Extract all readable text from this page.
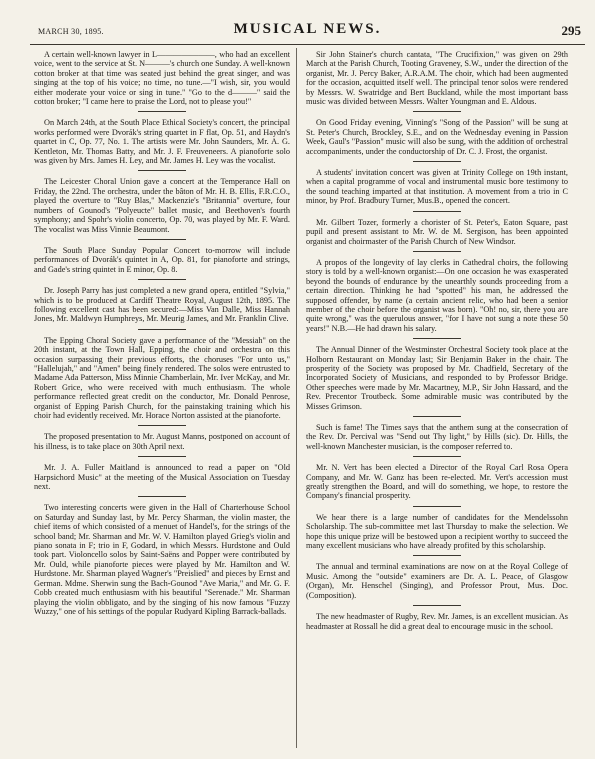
MARCH 30, 1895.	MUSICAL NEWS.	295

A certain well-known lawyer in L———————, who had an excellent voice, went to the service at St. N———'s church one Sunday. A well-known cotton broker at that time was seated just behind the great singer, and was singing at the top of his voice; no time, no tune.—"I wish, sir, you would either moderate your voice or sing in tune." "Go to the d———" said the cotton broker; "I came here to praise the Lord, not to please you!"

On March 24th, at the South Place Ethical Society's concert, the principal works performed were Dvorák's string quartet in F flat, Op. 51, and Haydn's quartet in C, Op. 77, No. 1. The artists were Mr. John Saunders, Mr. A. G. Kentleton, Mr. Thomas Batty, and Mr. J. F. Freuveneers. A pianoforte solo was given by Mrs. James H. Ley, and Mr. James H. Ley was the vocalist.

The Leicester Choral Union gave a concert at the Temperance Hall on Friday, the 22nd. The orchestra, under the bâton of Mr. H. B. Ellis, F.R.C.O., played the overture to "Ruy Blas," Mackenzie's "Britannia" overture, four numbers of Gounod's "Polyeucte" ballet music, and Beethoven's fourth symphony; and Spohr's violin concerto, Op. 70, was played by Mr. F. Ward. The vocalist was Miss Vinnie Beaumont.

The South Place Sunday Popular Concert to-morrow will include performances of Dvorák's quintet in A, Op. 81, for pianoforte and strings, and Gade's string quintet in E minor, Op. 8.

Dr. Joseph Parry has just completed a new grand opera, entitled "Sylvia," which is to be produced at Cardiff Theatre Royal, August 12th, 1895. The following excellent cast has been secured:—Miss Van Dalle, Miss Hannah Jones, Mr. Maldwyn Humphreys, Mr. Meurig James, and Mr. Franklin Clive.

The Epping Choral Society gave a performance of the "Messiah" on the 20th instant, at the Town Hall, Epping, the choir and orchestra on this occasion surpassing their previous efforts, the choruses "For unto us," "Hallelujah," and "Amen" being finely rendered. The solos were entrusted to Madame Ada Patterson, Miss Minnie Chamberlain, Mr. Iver McKay, and Mr. Robert Grice, who were received with much enthusiasm. The whole performance reflected great credit on the conductor, Mr. Donald Penrose, organist of Epping Parish Church, for the painstaking training which his choir had evidently received. Mr. Horace Norton assisted at the pianoforte.

The proposed presentation to Mr. August Manns, postponed on account of his illness, is to take place on 30th April next.

Mr. J. A. Fuller Maitland is announced to read a paper on "Old Harpsichord Music" at the meeting of the Musical Association on Tuesday next.

Two interesting concerts were given in the Hall of Charterhouse School on Saturday and Sunday last, by Mr. Percy Sharman, the violin master, the chief items of which consisted of a menuet of Handel's, for the strings of the school band; Mr. Sharman and Mr. W. V. Hamilton played Grieg's violin and piano sonata in F; trio in F, Godard, in which Messrs. Hurdstone and Ould took part. Violoncello solos by Saint-Saëns and Popper were contributed by Mr. Ould, while pianoforte pieces were played by Mr. Hamilton and W. Hurdstone. Mr. Sharman played Wagner's "Preislied" and pieces by Ernst and German. Mdme. Sherwin sung the Bach-Gounod "Ave Maria," and Mr. G. F. Cobb created much enthusiasm with his beautiful "Serenade." Mr. Sharman playing the violin obbligato, and by the singing of his now famous "Fuzzy Wuzzy," one of his settings of the popular Rudyard Kipling Barrack-ballads.

Sir John Stainer's church cantata, "The Crucifixion," was given on 29th March at the Parish Church, Tooting Graveney, S.W., under the direction of the organist, Mr. J. Percy Baker, A.R.A.M. The choir, which had been augmented for the occasion, acquitted itself well. The principal tenor solos were rendered by Messrs. W. Swatridge and Bert Buckland, while the most important bass music was divided between Messrs. Walter Youngman and E. Aldous.

On Good Friday evening, Vinning's "Song of the Passion" will be sung at St. Peter's Church, Brockley, S.E., and on the Wednesday evening in Passion Week, Gaul's "Passion" music will also be sung, with the addition of orchestral accompaniments, under the conductorship of Dr. C. J. Frost, the organist.

A students' invitation concert was given at Trinity College on 19th instant, when a capital programme of vocal and instrumental music bore testimony to the sound teaching imparted at that institution. A movement from a trio in C minor, by Prof. Bradbury Turner, Mus.B., opened the concert.

Mr. Gilbert Tozer, formerly a chorister of St. Peter's, Eaton Square, past pupil and present assistant to Mr. W. de M. Sergison, has been appointed organist and choirmaster of the Parish Church of New Windsor.

A propos of the longevity of lay clerks in Cathedral choirs, the following story is told by a well-known organist:—On one occasion he was exasperated beyond the bounds of endurance by the unearthly sounds proceeding from a certain direction. Thinking he had "spotted" his man, he addressed the supposed offender, by name (a certain ancient relic, who had been a senior member of the choir before the organist was born). "Oh! no, sir, there you are quite wrong," was the querulous answer, "for I have not sung a note these 50 years!" N.B.—He had drawn his salary.

The Annual Dinner of the Westminster Orchestral Society took place at the Holborn Restaurant on Monday last; Sir Benjamin Baker in the chair. The prosperity of the Society was proposed by Mr. Chadfield, Secretary of the Incorporated Society of Musicians, and responded to by Professor Bridge. Other speeches were made by Mr. Macartney, M.P., Sir John Hassard, and the Rev. Precentor Troutbeck. Some admirable music was contributed by the Misses Grimson.

Such is fame! The Times says that the anthem sung at the consecration of the Rev. Dr. Percival was "Send out Thy light," by Hills (sic). Dr. Hills, the well-known Manchester musician, is the composer referred to.

Mr. N. Vert has been elected a Director of the Royal Carl Rosa Opera Company, and Mr. W. Ganz has been re-elected. Mr. Vert's accession must greatly strengthen the Board, and will do something, we hope, to restore the Company's financial prosperity.

We hear there is a large number of candidates for the Mendelssohn Scholarship. The sub-committee met last Thursday to make the selection. We hope this unique prize will be bestowed upon a recipient worthy to succeed the many excellent musicians who have already profited by this scholarship.

The annual and terminal examinations are now on at the Royal College of Music. Among the "outside" examiners are Dr. A. L. Peace, of Glasgow (Organ), Mr. Henschel (Singing), and Professor Prout, Mus. Doc. (Composition).

The new headmaster of Rugby, Rev. Mr. James, is an excellent musician. As headmaster at Rossall he did a great deal to encourage music in the school.
